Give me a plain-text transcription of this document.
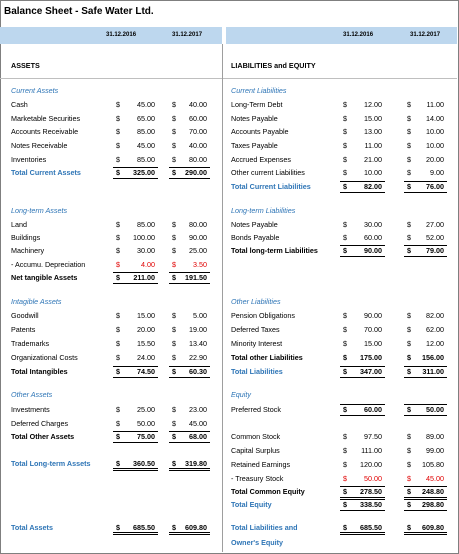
Balance Sheet - Safe Water Ltd.
31.12.2016	31.12.2017	31.12.2016	31.12.2017
ASSETS	LIABILITIES and EQUITY
Current Assets
Cash	$	45.00 $	40.00
Marketable Securities	$	65.00 $	60.00
Accounts Receivable	$	85.00 $	70.00
Notes Receivable	$	45.00 $	40.00
Inventories	$	85.00 $	80.00
Total Current Assets	$	325.00 $	290.00
Long-term Assets
Land	$	85.00 $	80.00
Buildings	$	100.00 $	90.00
Machinery	$	30.00 $	25.00
- Accumu. Depreciation	$	4.00 $	3.50
Net tangible Assets	$	211.00 $	191.50
Intagible Assets
Goodwill	$	15.00 $	5.00
Patents	$	20.00 $	19.00
Trademarks	$	15.50 $	13.40
Organizational Costs	$	24.00 $	22.90
Total Intangibles	$	74.50 $	60.30
Other Assets
Investments	$	25.00 $	23.00
Deferred Charges	$	50.00 $	45.00
Total Other Assets	$	75.00 $	68.00
Total Long-term Assets	$	360.50 $	319.80
Total Assets	$	685.50 $	609.80
Current Liabilities
Long-Term Debt	$	12.00	$	11.00
Notes Payable	$	15.00	$	14.00
Accounts Payable	$	13.00	$	10.00
Taxes Payable	$	11.00	$	10.00
Accrued Expenses	$	21.00	$	20.00
Other current Liabilities	$	10.00	$	9.00
Total Current Liabilities	$	82.00	$	76.00
Long-term Liabilities
Notes Payable	$	30.00	$	27.00
Bonds Payable	$	60.00	$	52.00
Total long-term Liabilities	$	90.00	$	79.00
Other Liabilities
Pension Obligations	$	90.00	$	82.00
Deferred Taxes	$	70.00	$	62.00
Minority Interest	$	15.00	$	12.00
Total other Liabilities	$	175.00	$	156.00
Total Liabilities	$	347.00	$	311.00
Equity
Preferred Stock	$	60.00	$	50.00
Common Stock	$	97.50	$	89.00
Capital Surplus	$	111.00	$	99.00
Retained Earnings	$	120.00	$	105.80
- Treasury Stock	$	50.00	$	45.00
Total Common Equity	$	278.50	$	248.80
Total Equity	$	338.50	$	298.80
Total Liabilities and	$	685.50	$	609.80
Owner's Equity
